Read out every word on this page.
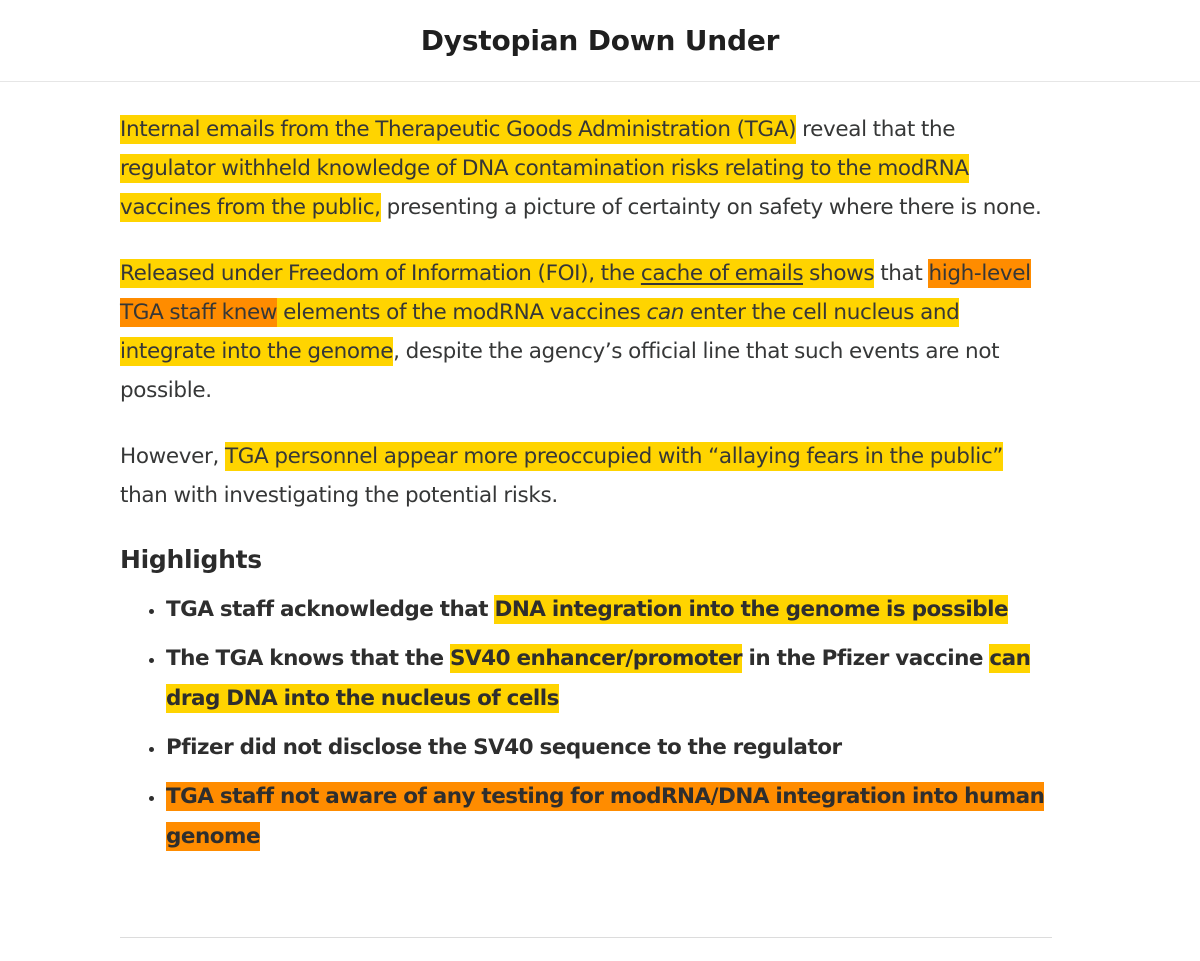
Dystopian Down Under

Internal emails from the Therapeutic Goods Administration (TGA) reveal that the regulator withheld knowledge of DNA contamination risks relating to the modRNA vaccines from the public, presenting a picture of certainty on safety where there is none.

Released under Freedom of Information (FOI), the cache of emails shows that high-level TGA staff knew elements of the modRNA vaccines can enter the cell nucleus and integrate into the genome, despite the agency’s official line that such events are not possible.

However, TGA personnel appear more preoccupied with “allaying fears in the public” than with investigating the potential risks.

Highlights
• TGA staff acknowledge that DNA integration into the genome is possible
• The TGA knows that the SV40 enhancer/promoter in the Pfizer vaccine can drag DNA into the nucleus of cells
• Pfizer did not disclose the SV40 sequence to the regulator
• TGA staff not aware of any testing for modRNA/DNA integration into human genome
